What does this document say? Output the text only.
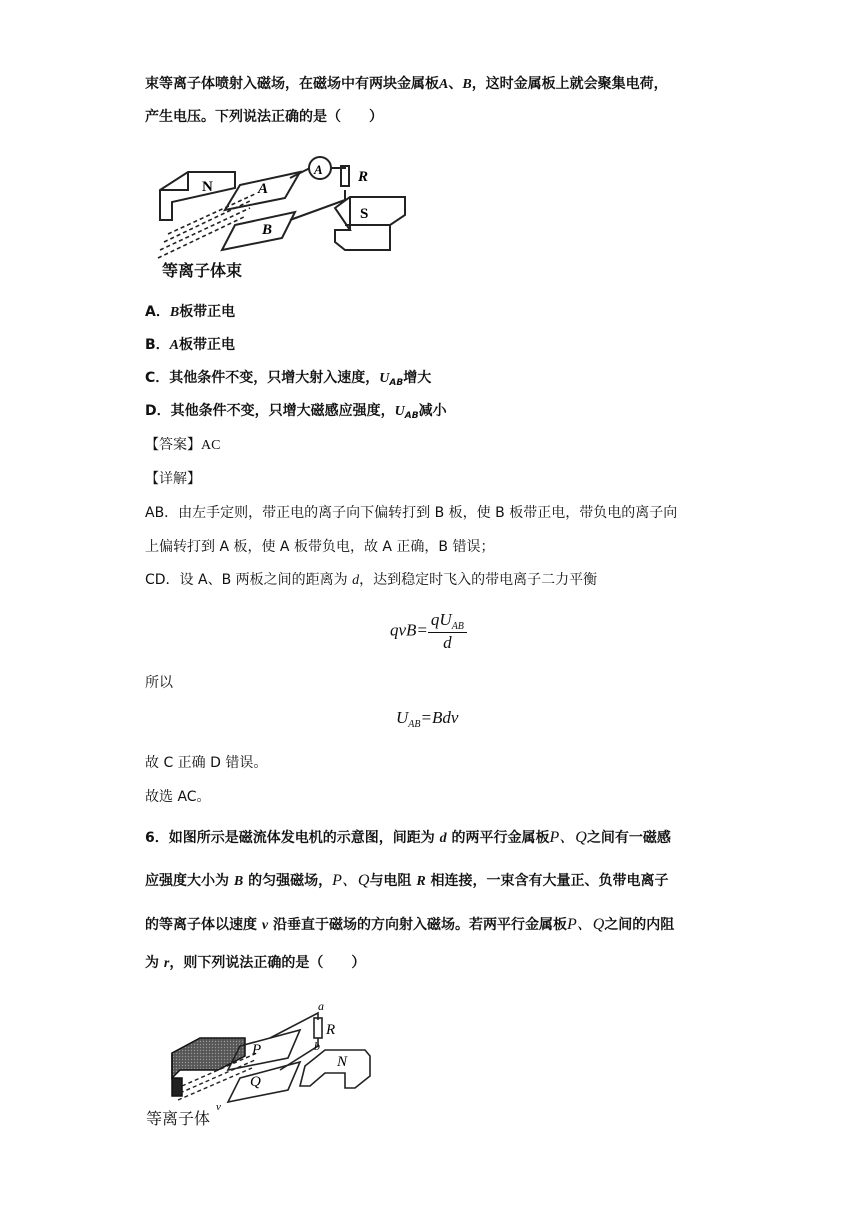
束等离子体喷射入磁场，在磁场中有两块金属板A、B，这时金属板上就会聚集电荷，
产生电压。下列说法正确的是（　　）
N	A
A R
S
B
等离子体束
A．B板带正电
B．A板带正电
C．其他条件不变，只增大射入速度，$U_{AB}$增大
D．其他条件不变，只增大磁感应强度，$U_{AB}$减小
【答案】AC
【详解】
AB．由左手定则，带正电的离子向下偏转打到 B 板，使 B 板带正电，带负电的离子向
上偏转打到 A 板，使 A 板带负电，故 A 正确，B 错误；
CD．设 A、B 两板之间的距离为 d，达到稳定时飞入的带电离子二力平衡
$qvB= \frac{qU_{AB}}{d}$
所以
$U_{AB}=Bdv$
故 C 正确 D 错误。
故选 AC。
6．如图所示是磁流体发电机的示意图，间距为 d 的两平行金属板P、Q之间有一磁感
应强度大小为 B 的匀强磁场，P、Q与电阻 R 相连接，一束含有大量正、负带电离子
的等离子体以速度 v 沿垂直于磁场的方向射入磁场。若两平行金属板P、Q之间的内阻
为 r，则下列说法正确的是（　　）
a
R
b
P
Q
N
v
等离子体
